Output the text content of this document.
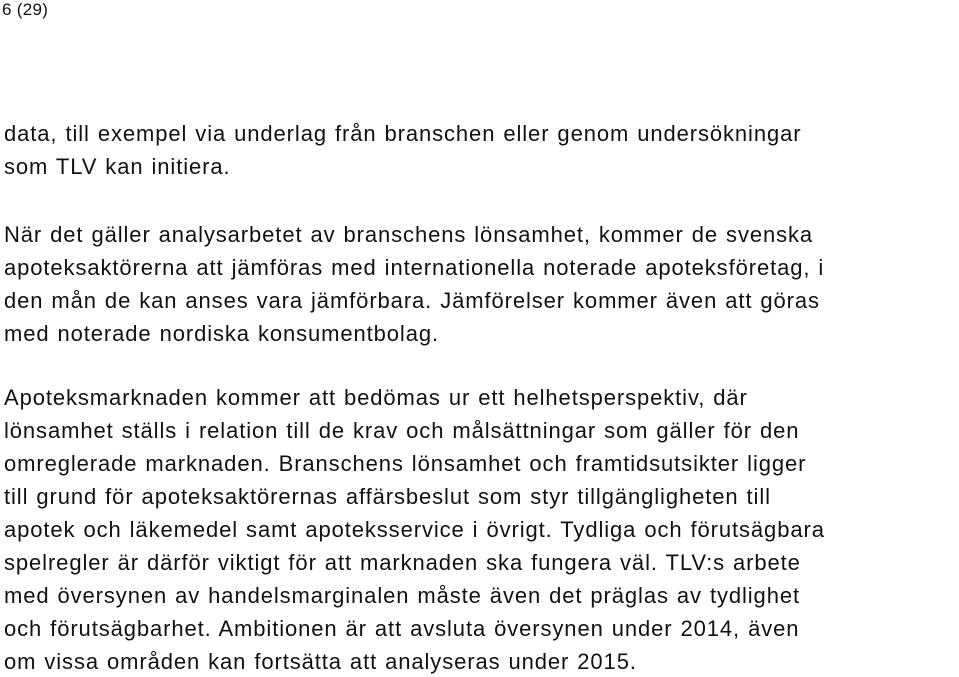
6 (29)
data, till exempel via underlag från branschen eller genom undersökningar
som TLV kan initiera.
När det gäller analysarbetet av branschens lönsamhet, kommer de svenska
apoteksaktörerna att jämföras med internationella noterade apoteksföretag, i
den mån de kan anses vara jämförbara. Jämförelser kommer även att göras
med noterade nordiska konsumentbolag.
Apoteksmarknaden kommer att bedömas ur ett helhetsperspektiv, där
lönsamhet ställs i relation till de krav och målsättningar som gäller för den
omreglerade marknaden. Branschens lönsamhet och framtidsutsikter ligger
till grund för apoteksaktörernas affärsbeslut som styr tillgängligheten till
apotek och läkemedel samt apoteksservice i övrigt. Tydliga och förutsägbara
spelregler är därför viktigt för att marknaden ska fungera väl. TLV:s arbete
med översynen av handelsmarginalen måste även det präglas av tydlighet
och förutsägbarhet. Ambitionen är att avsluta översynen under 2014, även
om vissa områden kan fortsätta att analyseras under 2015.
